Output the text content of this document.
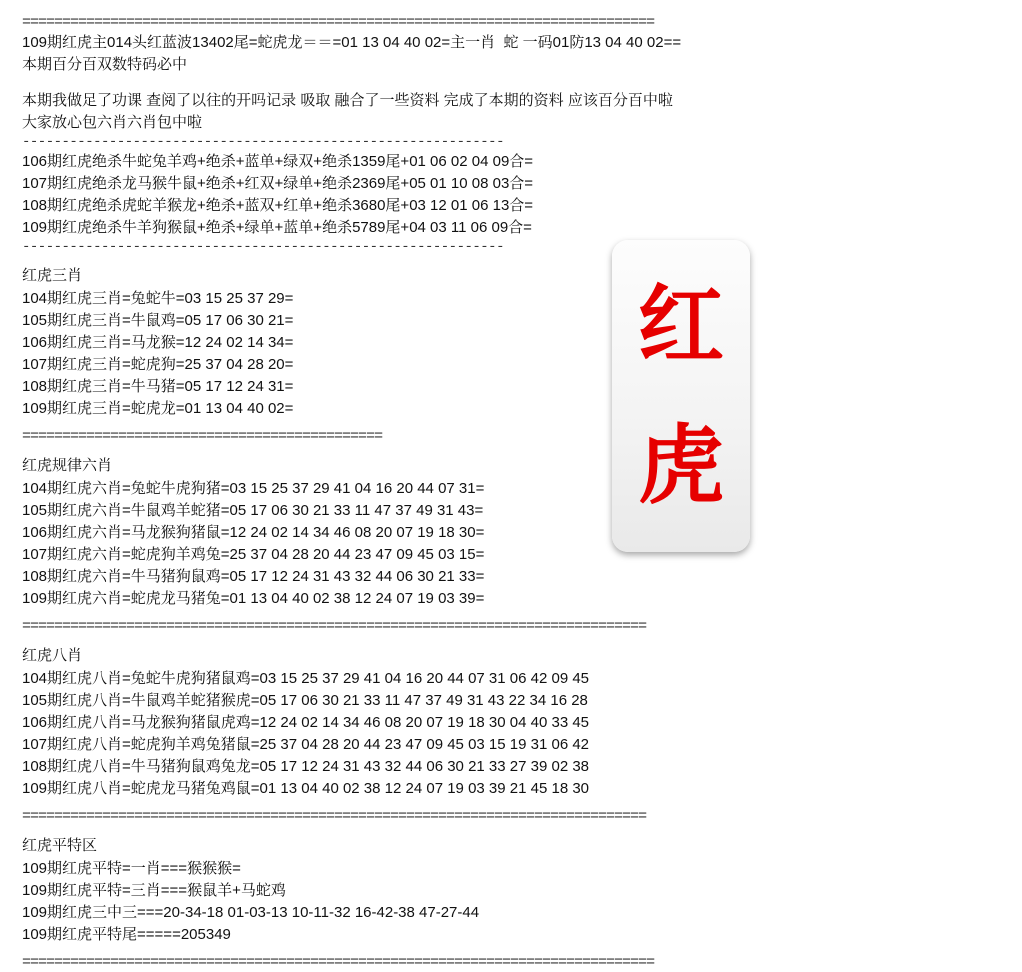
红
虎
===============================================================================
109期红虎主014头红蓝波13402尾=蛇虎龙＝＝=01 13 04 40 02=主一肖  蛇 一码01防13 04 40 02==
本期百分百双数特码必中
本期我做足了功课 查阅了以往的开吗记录 吸取 融合了一些资料 完成了本期的资料 应该百分百中啦
大家放心包六肖六肖包中啦
-------------------------------------------------------------
106期红虎绝杀牛蛇兔羊鸡+绝杀+蓝单+绿双+绝杀1359尾+01 06 02 04 09合=
107期红虎绝杀龙马猴牛鼠+绝杀+红双+绿单+绝杀2369尾+05 01 10 08 03合=
108期红虎绝杀虎蛇羊猴龙+绝杀+蓝双+红单+绝杀3680尾+03 12 01 06 13合=
109期红虎绝杀牛羊狗猴鼠+绝杀+绿单+蓝单+绝杀5789尾+04 03 11 06 09合=
-------------------------------------------------------------
红虎三肖
104期红虎三肖=兔蛇牛=03 15 25 37 29=
105期红虎三肖=牛鼠鸡=05 17 06 30 21=
106期红虎三肖=马龙猴=12 24 02 14 34=
107期红虎三肖=蛇虎狗=25 37 04 28 20=
108期红虎三肖=牛马猪=05 17 12 24 31=
109期红虎三肖=蛇虎龙=01 13 04 40 02=
=============================================
红虎规律六肖
104期红虎六肖=兔蛇牛虎狗猪=03 15 25 37 29 41 04 16 20 44 07 31=
105期红虎六肖=牛鼠鸡羊蛇猪=05 17 06 30 21 33 11 47 37 49 31 43=
106期红虎六肖=马龙猴狗猪鼠=12 24 02 14 34 46 08 20 07 19 18 30=
107期红虎六肖=蛇虎狗羊鸡兔=25 37 04 28 20 44 23 47 09 45 03 15=
108期红虎六肖=牛马猪狗鼠鸡=05 17 12 24 31 43 32 44 06 30 21 33=
109期红虎六肖=蛇虎龙马猪兔=01 13 04 40 02 38 12 24 07 19 03 39=
==============================================================================
红虎八肖
104期红虎八肖=兔蛇牛虎狗猪鼠鸡=03 15 25 37 29 41 04 16 20 44 07 31 06 42 09 45
105期红虎八肖=牛鼠鸡羊蛇猪猴虎=05 17 06 30 21 33 11 47 37 49 31 43 22 34 16 28
106期红虎八肖=马龙猴狗猪鼠虎鸡=12 24 02 14 34 46 08 20 07 19 18 30 04 40 33 45
107期红虎八肖=蛇虎狗羊鸡兔猪鼠=25 37 04 28 20 44 23 47 09 45 03 15 19 31 06 42
108期红虎八肖=牛马猪狗鼠鸡兔龙=05 17 12 24 31 43 32 44 06 30 21 33 27 39 02 38
109期红虎八肖=蛇虎龙马猪兔鸡鼠=01 13 04 40 02 38 12 24 07 19 03 39 21 45 18 30
==============================================================================
红虎平特区
109期红虎平特=一肖===猴猴猴=
109期红虎平特=三肖===猴鼠羊+马蛇鸡
109期红虎三中三===20-34-18 01-03-13 10-11-32 16-42-38 47-27-44
109期红虎平特尾=====205349
===============================================================================
